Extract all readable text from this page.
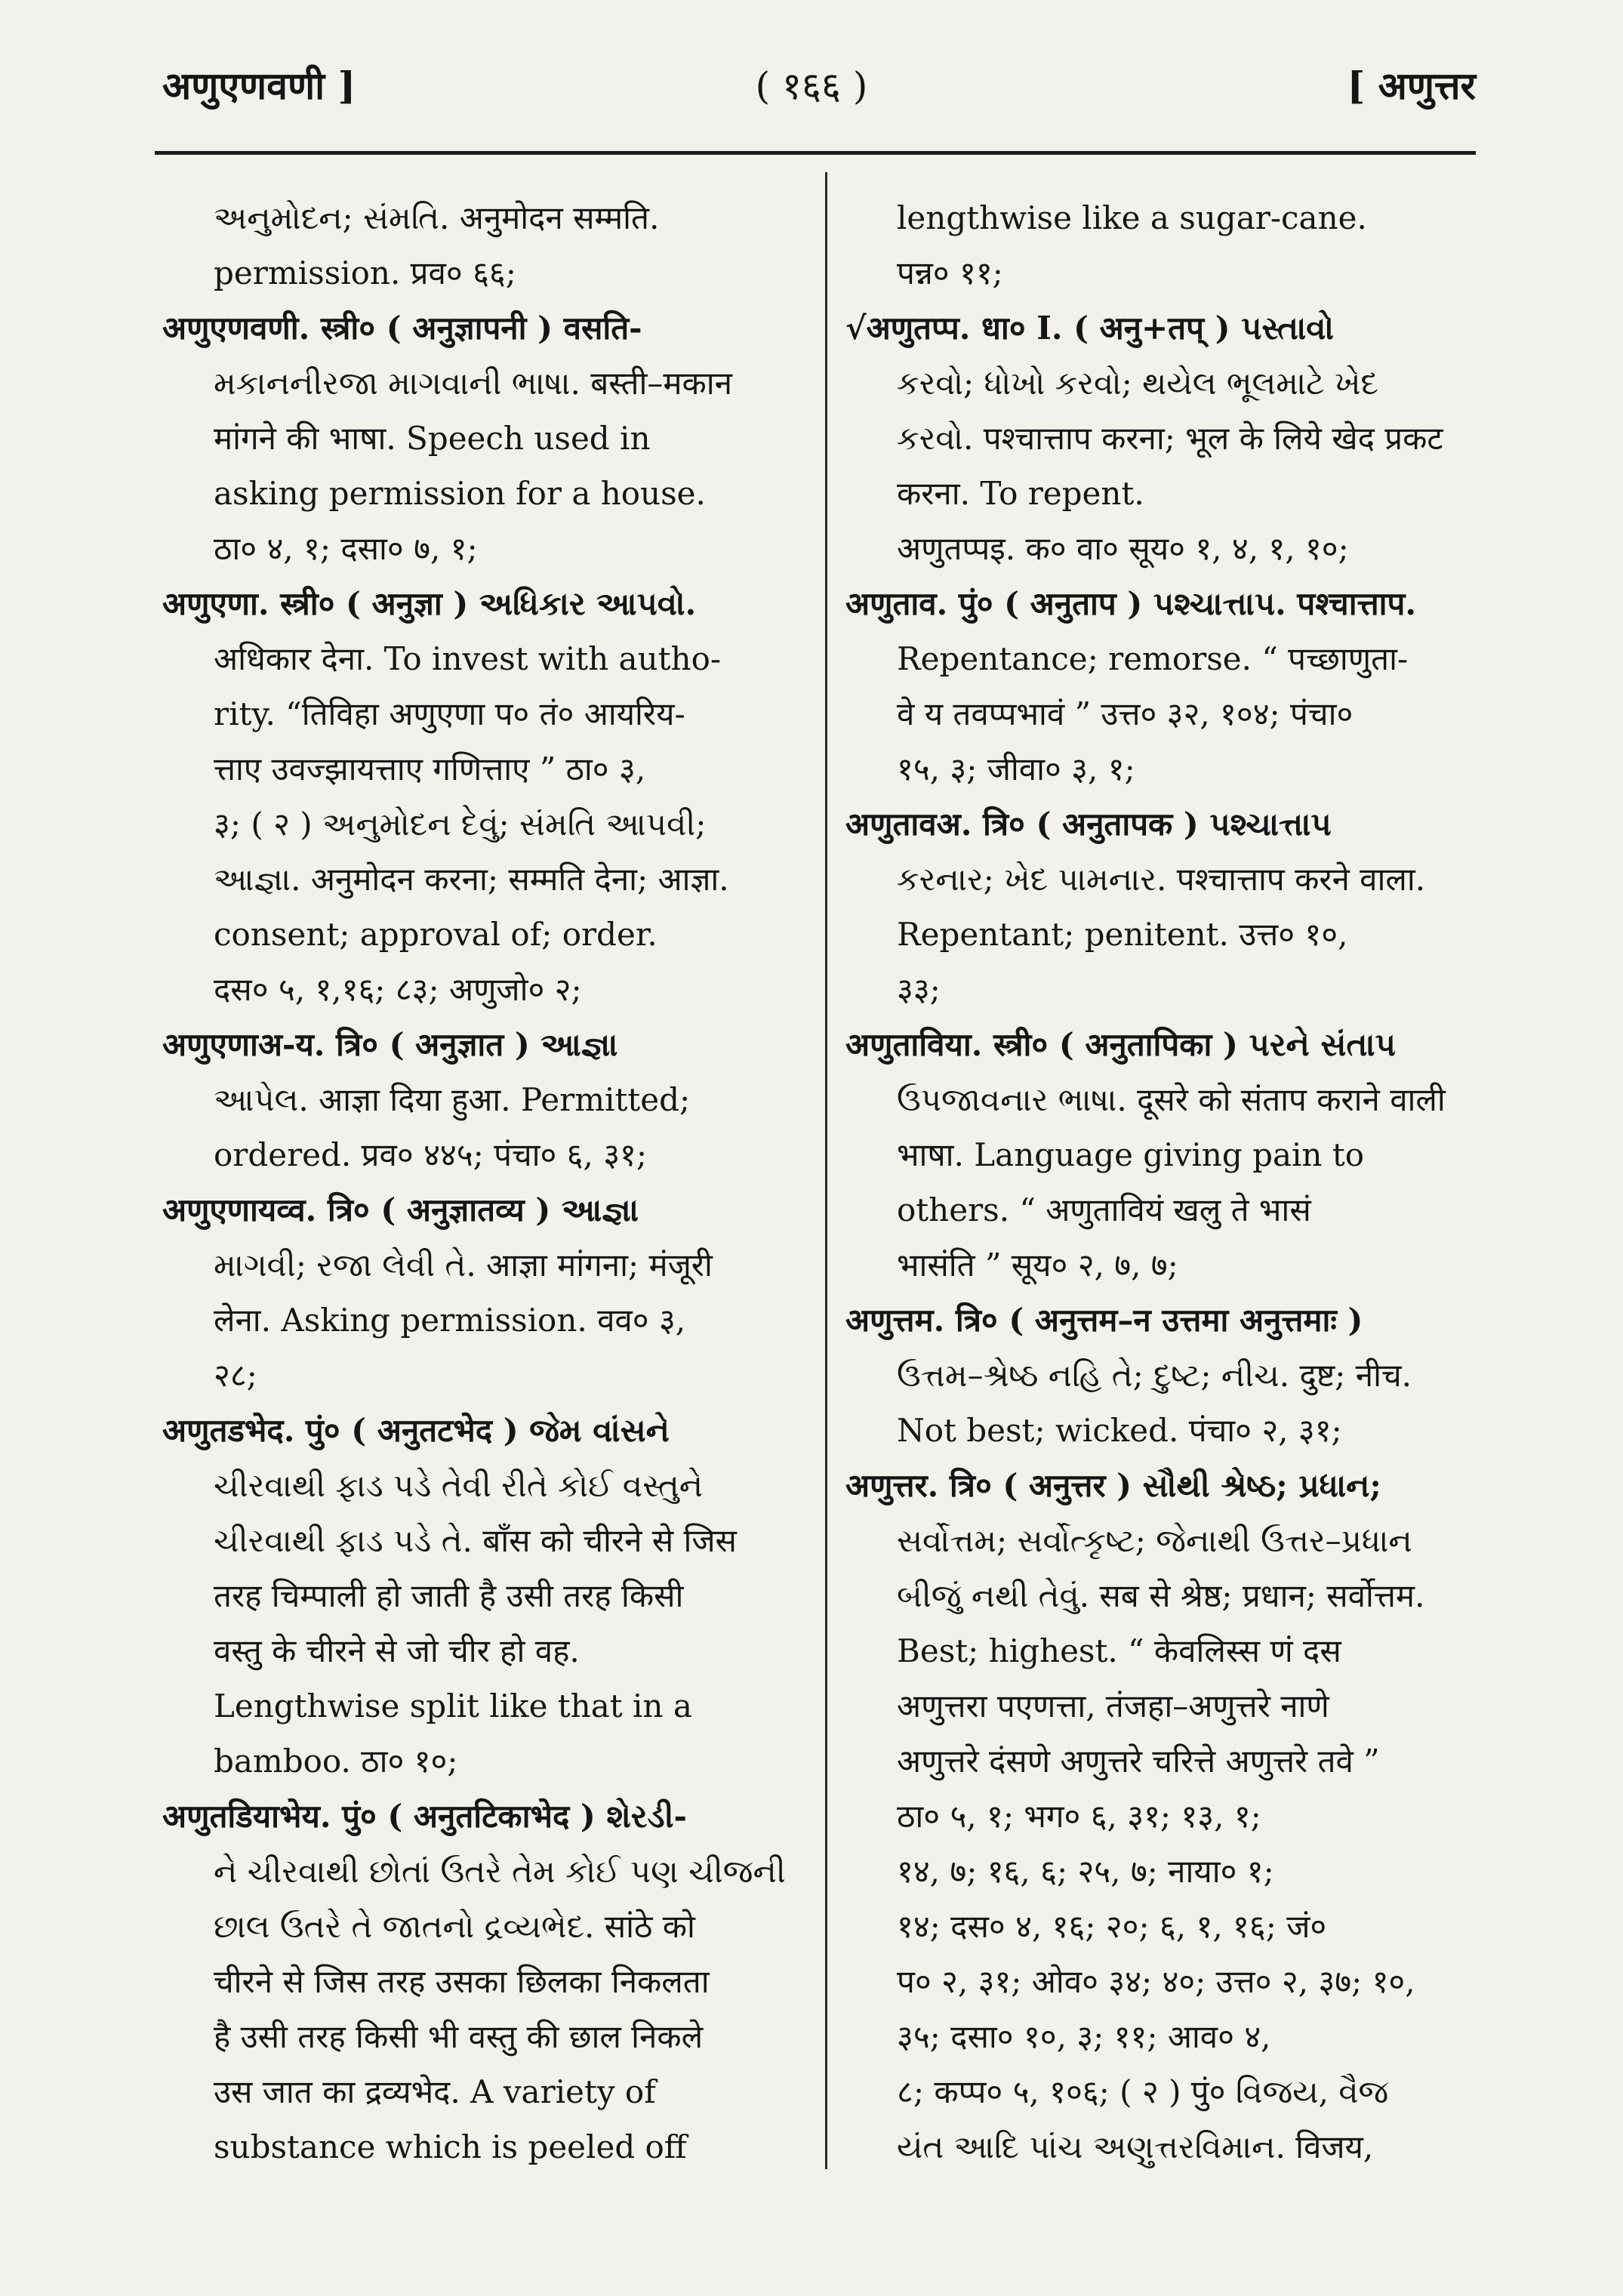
अणुएणवणी ]	( १६६ )	[ अणुत्तर
અનુમોદન; સંમતિ. अनुमोदन सम्मति.
permission. प्रव० ६६;
अणुएणवणी. स्त्री० ( अनुज्ञापनी ) वसति-
મકાનનીરજા માગવાની ભાષા. बस्ती–मकान
मांगने की भाषा. Speech used in
asking permission for a house.
ठा० ४, १; दसा० ७, १;
अणुएणा. स्त्री० ( अनुज्ञा ) અધિકાર આપવો.
अधिकार देना. To invest with autho-
rity. “तिविहा अणुएणा प० तं० आयरिय-
त्ताए उवज्झायत्ताए गणित्ताए ” ठा० ३,
३; ( २ ) અનુમોદન દેવું; સંમતિ આપવી;
આજ્ઞા. अनुमोदन करना; सम्मति देना; आज्ञा.
consent; approval of; order.
दस० ५, १,१६; ८३; अणुजो० २;
अणुएणाअ-य. त्रि० ( अनुज्ञात ) આજ્ઞા
આપેલ. आज्ञा दिया हुआ. Permitted;
ordered. प्रव० ४४५; पंचा० ६, ३१;
अणुएणायव्व. त्रि० ( अनुज्ञातव्य ) આજ્ઞા
માગવી; રજા લેવી તે. आज्ञा मांगना; मंजूरी
लेना. Asking permission. वव० ३,
२८;
अणुतडभेद. पुं० ( अनुतटभेद ) જેમ વાંસને
ચીરવાથી ફાડ પડે તેવી રીતે કોઈ વસ્તુને
ચીરવાથી ફાડ પડે તે. बाँस को चीरने से जिस
तरह चिम्पाली हो जाती है उसी तरह किसी
वस्तु के चीरने से जो चीर हो वह.
Lengthwise split like that in a
bamboo. ठा० १०;
अणुतडियाभेय. पुं० ( अनुतटिकाभेद ) શેરડી-
ને ચીરવાથી છોતાં ઉતરે તેમ કોઈ પણ ચીજની
છાલ ઉતરે તે જાતનો દ્રવ્યભેદ. सांठे को
चीरने से जिस तरह उसका छिलका निकलता
है उसी तरह किसी भी वस्तु की छाल निकले
उस जात का द्रव्यभेद. A variety of
substance which is peeled off
lengthwise like a sugar-cane.
पन्न० ११;
√अणुतप्प. धा० I. ( अनु+तप् ) પસ્તાવો
કરવો; ધોખો કરવો; થયેલ ભૂલમાટે ખેદ
કરવો. पश्चात्ताप करना; भूल के लिये खेद प्रकट
करना. To repent.
अणुतप्पइ. क० वा० सूय० १, ४, १, १०;
अणुताव. पुं० ( अनुताप ) પશ્ચાત્તાપ. पश्चात्ताप.
Repentance; remorse. “ पच्छाणुता-
वे य तवप्पभावं ” उत्त० ३२, १०४; पंचा०
१५, ३; जीवा० ३, १;
अणुतावअ. त्रि० ( अनुतापक ) પશ્ચાત્તાપ
કરનાર; ખેદ પામનાર. पश्चात्ताप करने वाला.
Repentant; penitent. उत्त० १०,
३३;
अणुताविया. स्त्री० ( अनुतापिका ) પરને સંતાપ
ઉપજાવનાર ભાષા. दूसरे को संताप कराने वाली
भाषा. Language giving pain to
others. “ अणुतावियं खलु ते भासं
भासंति ” सूय० २, ७, ७;
अणुत्तम. त्रि० ( अनुत्तम–न उत्तमा अनुत्तमाः )
ઉત્તમ–શ્રેષ્ઠ નહિ તે; દુષ્ટ; નીચ. दुष्ट; नीच.
Not best; wicked. पंचा० २, ३१;
अणुत्तर. त्रि० ( अनुत्तर ) સૌથી શ્રેષ્ઠ; પ્રધાન;
સર્વોત્તમ; સર્વોત્કૃષ્ટ; જેનાથી ઉત્તર–પ્રધાન
બીજું નથી તેવું. सब से श्रेष्ठ; प्रधान; सर्वोत्तम.
Best; highest. “ केवलिस्स णं दस
अणुत्तरा पएणत्ता, तंजहा–अणुत्तरे नाणे
अणुत्तरे दंसणे अणुत्तरे चरित्ते अणुत्तरे तवे ”
ठा० ५, १; भग० ६, ३१; १३, १;
१४, ७; १६, ६; २५, ७; नाया० १;
१४; दस० ४, १६; २०; ६, १, १६; जं०
प० २, ३१; ओव० ३४; ४०; उत्त० २, ३७; १०,
३५; दसा० १०, ३; ११; आव० ४,
८; कप्प० ५, १०६; ( २ ) पुं० વિજય, વૈજ
યંત આદિ પાંચ અણુત્તરવિમાન. विजय,
